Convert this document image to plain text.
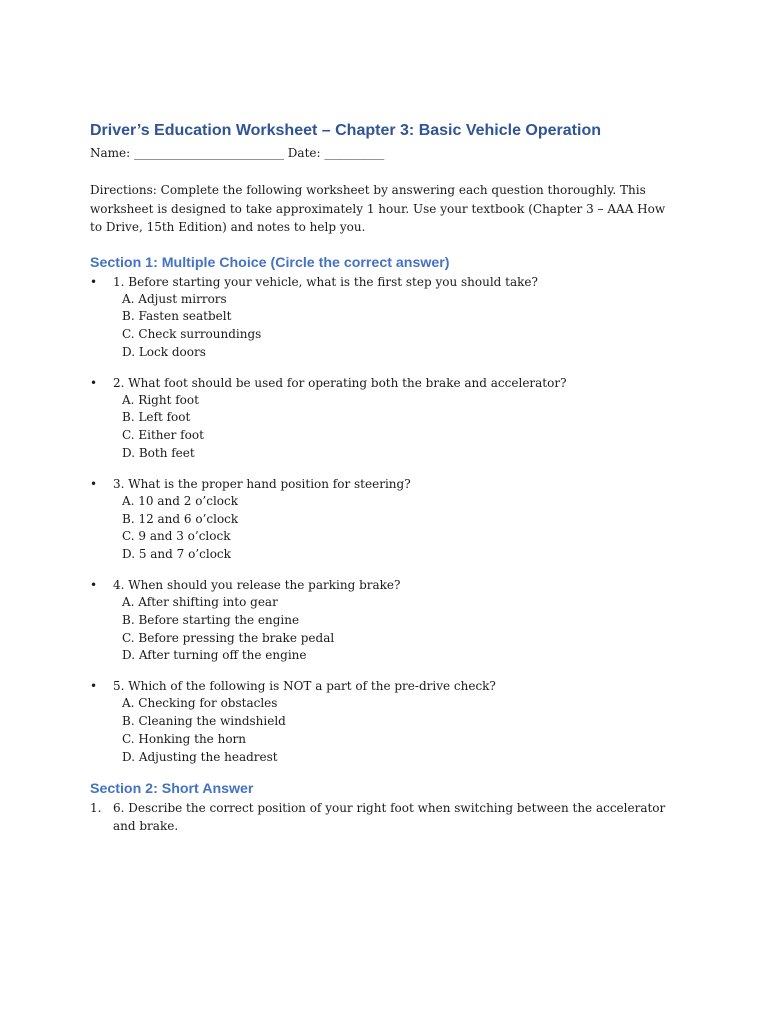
Driver’s Education Worksheet – Chapter 3: Basic Vehicle Operation
Name: _________________________ Date: __________
Directions: Complete the following worksheet by answering each question thoroughly. This worksheet is designed to take approximately 1 hour. Use your textbook (Chapter 3 – AAA How to Drive, 15th Edition) and notes to help you.
Section 1: Multiple Choice (Circle the correct answer)
• 1. Before starting your vehicle, what is the first step you should take?
A. Adjust mirrors
B. Fasten seatbelt
C. Check surroundings
D. Lock doors
• 2. What foot should be used for operating both the brake and accelerator?
A. Right foot
B. Left foot
C. Either foot
D. Both feet
• 3. What is the proper hand position for steering?
A. 10 and 2 o’clock
B. 12 and 6 o’clock
C. 9 and 3 o’clock
D. 5 and 7 o’clock
• 4. When should you release the parking brake?
A. After shifting into gear
B. Before starting the engine
C. Before pressing the brake pedal
D. After turning off the engine
• 5. Which of the following is NOT a part of the pre-drive check?
A. Checking for obstacles
B. Cleaning the windshield
C. Honking the horn
D. Adjusting the headrest
Section 2: Short Answer
1. 6. Describe the correct position of your right foot when switching between the accelerator and brake.
